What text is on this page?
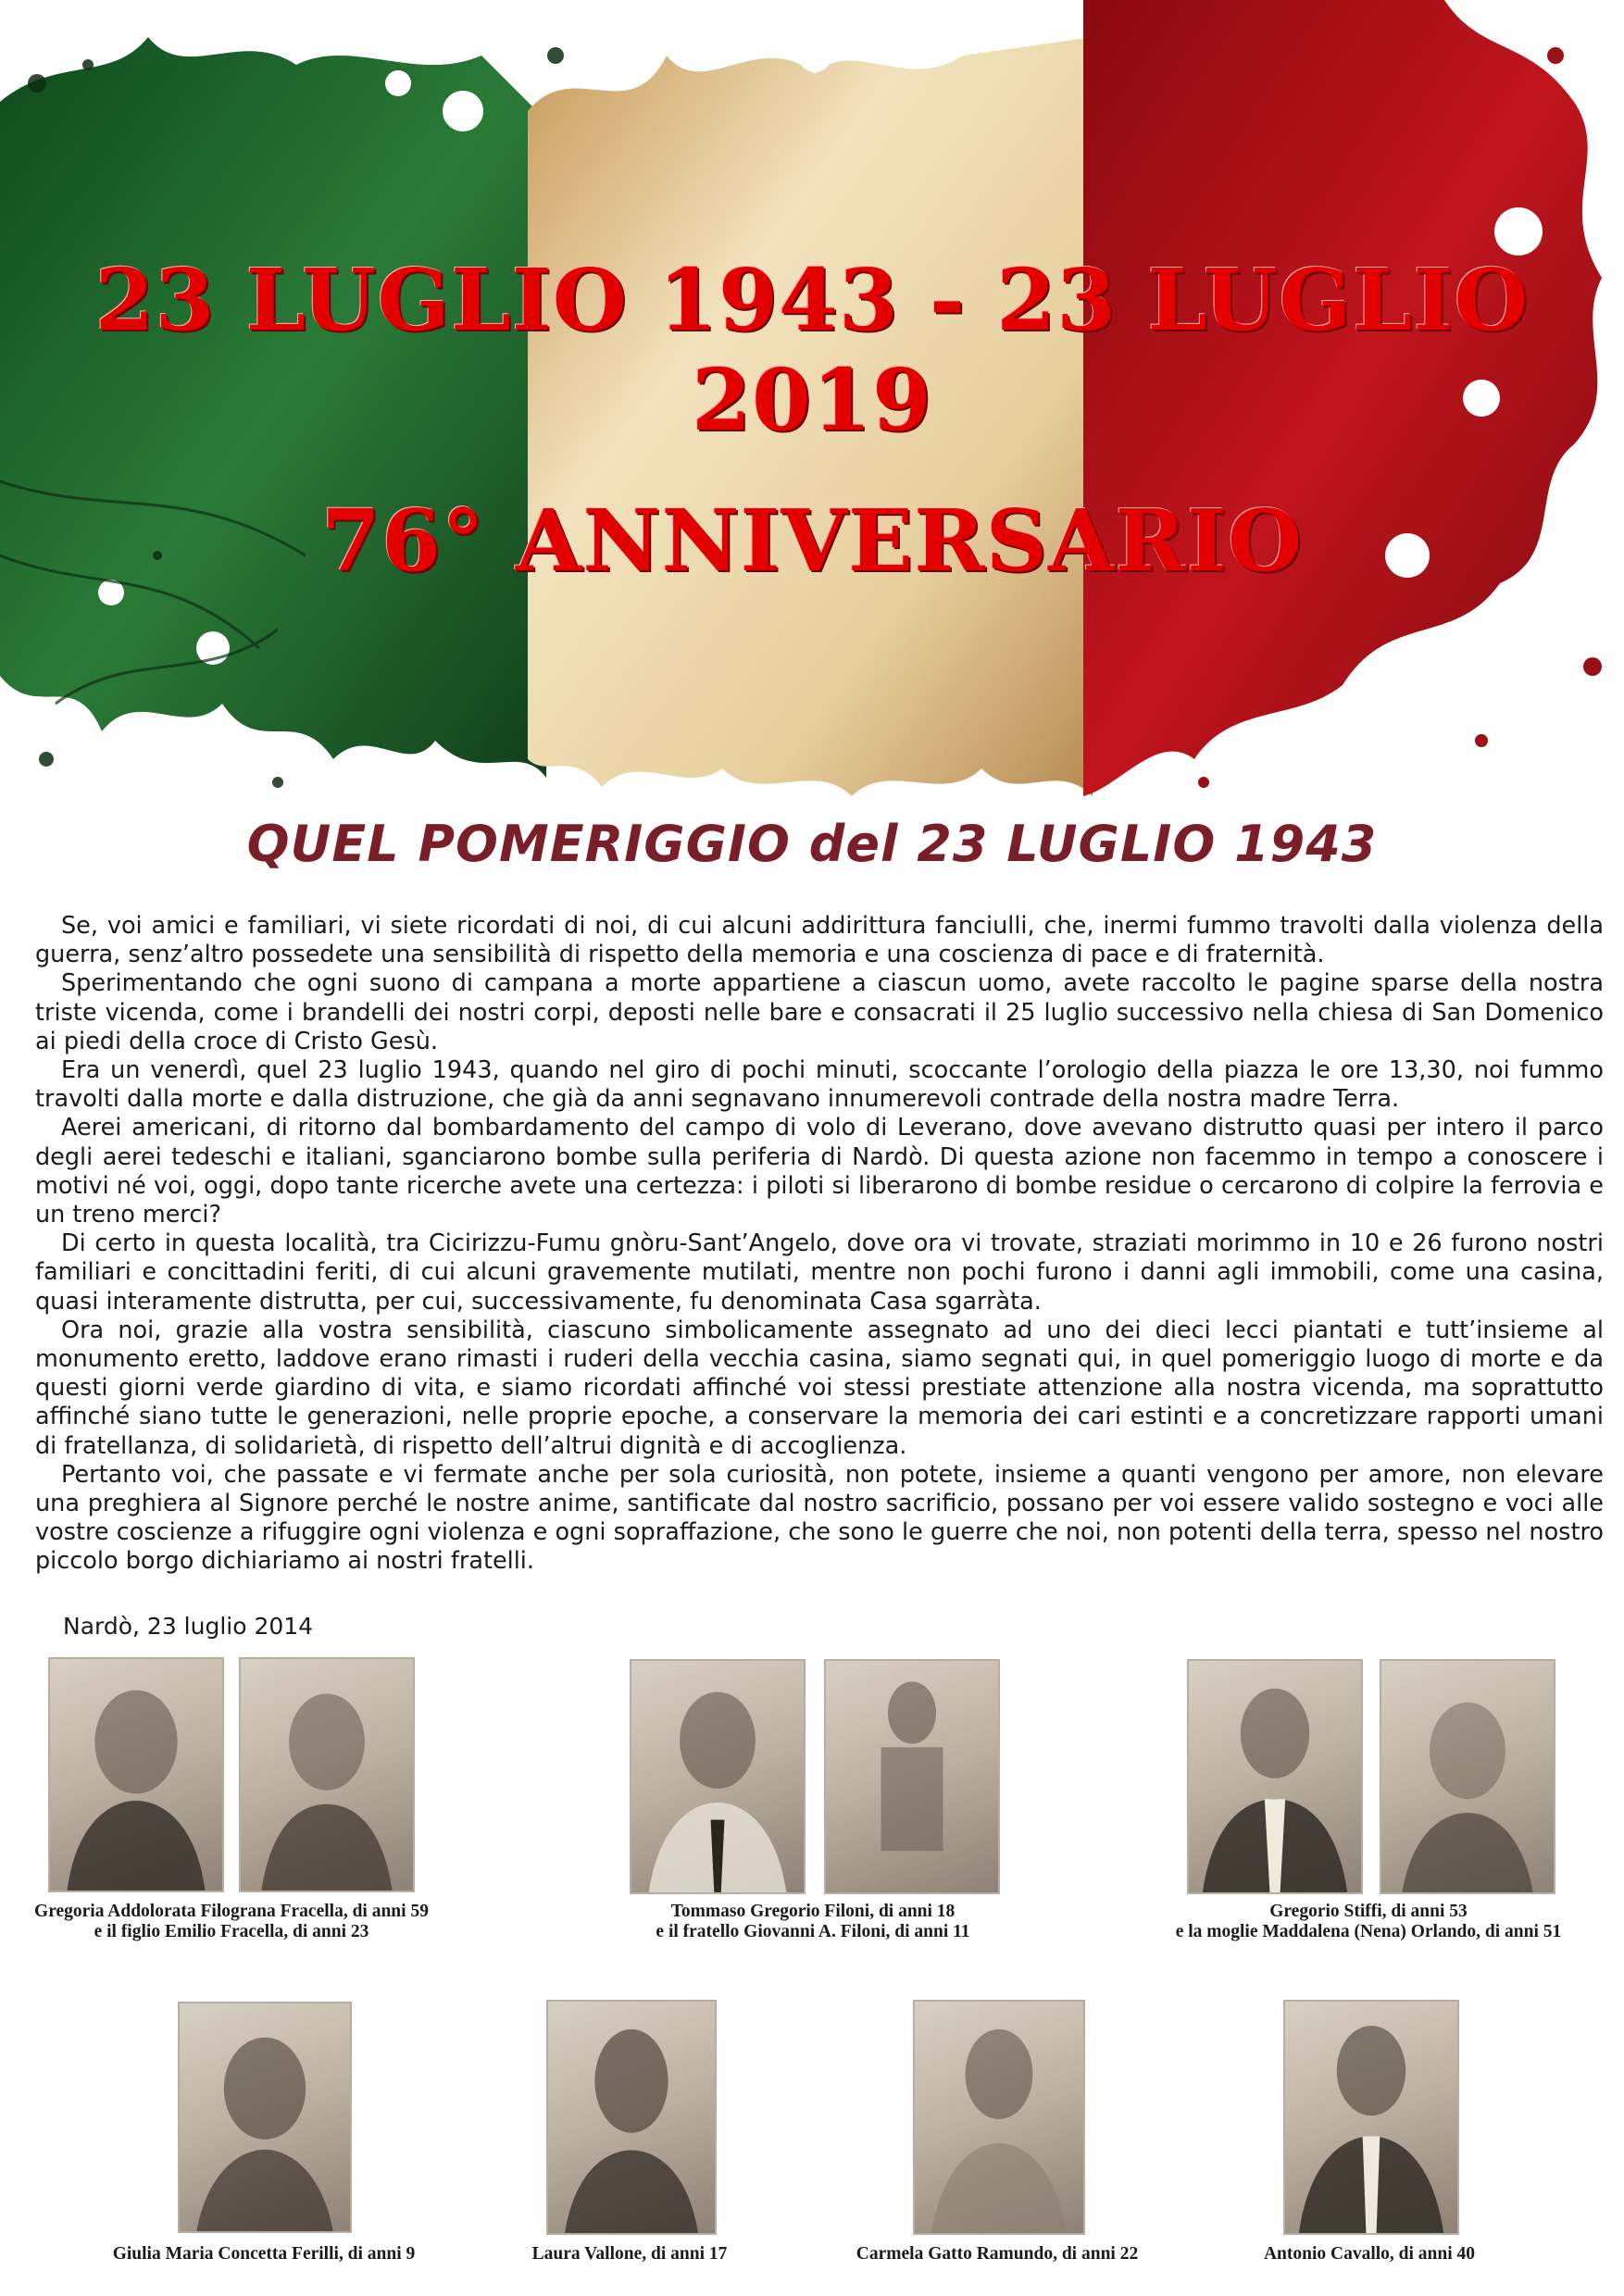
23 LUGLIO 1943 - 23 LUGLIO 2019
76° ANNIVERSARIO
QUEL POMERIGGIO del 23 LUGLIO 1943

Se, voi amici e familiari, vi siete ricordati di noi, di cui alcuni addirittura fanciulli, che, inermi fummo travolti dalla violenza della guerra, senz’altro possedete una sensibilità di rispetto della memoria e una coscienza di pace e di fraternità.

Sperimentando che ogni suono di campana a morte appartiene a ciascun uomo, avete raccolto le pagine sparse della nostra triste vicenda, come i brandelli dei nostri corpi, deposti nelle bare e consacrati il 25 luglio successivo nella chiesa di San Domenico ai piedi della croce di Cristo Gesù.

Era un venerdì, quel 23 luglio 1943, quando nel giro di pochi minuti, scoccante l’orologio della piazza le ore 13,30, noi fummo travolti dalla morte e dalla distruzione, che già da anni segnavano innumerevoli contrade della nostra madre Terra.

Aerei americani, di ritorno dal bombardamento del campo di volo di Leverano, dove avevano distrutto quasi per intero il parco degli aerei tedeschi e italiani, sganciarono bombe sulla periferia di Nardò. Di questa azione non facemmo in tempo a conoscere i motivi né voi, oggi, dopo tante ricerche avete una certezza: i piloti si liberarono di bombe residue o cercarono di colpire la ferrovia e un treno merci?

Di certo in questa località, tra Cicirizzu-Fumu gnòru-Sant’Angelo, dove ora vi trovate, straziati morimmo in 10 e 26 furono nostri familiari e concittadini feriti, di cui alcuni gravemente mutilati, mentre non pochi furono i danni agli immobili, come una casina, quasi interamente distrutta, per cui, successivamente, fu denominata Casa sgarràta.

Ora noi, grazie alla vostra sensibilità, ciascuno simbolicamente assegnato ad uno dei dieci lecci piantati e tutt’insieme al monumento eretto, laddove erano rimasti i ruderi della vecchia casina, siamo segnati qui, in quel pomeriggio luogo di morte e da questi giorni verde giardino di vita, e siamo ricordati affinché voi stessi prestiate attenzione alla nostra vicenda, ma soprattutto affinché siano tutte le generazioni, nelle proprie epoche, a conservare la memoria dei cari estinti e a concretizzare rapporti umani di fratellanza, di solidarietà, di rispetto dell’altrui dignità e di accoglienza.

Pertanto voi, che passate e vi fermate anche per sola curiosità, non potete, insieme a quanti vengono per amore, non elevare una preghiera al Signore perché le nostre anime, santificate dal nostro sacrificio, possano per voi essere valido sostegno e voci alle vostre coscienze a rifuggire ogni violenza e ogni sopraffazione, che sono le guerre che noi, non potenti della terra, spesso nel nostro piccolo borgo dichiariamo ai nostri fratelli.

Nardò, 23 luglio 2014
Gregoria Addolorata Filograna Fracella, di anni 59
e il figlio Emilio Fracella, di anni 23
Tommaso Gregorio Filoni, di anni 18
e il fratello Giovanni A. Filoni, di anni 11
Gregorio Stiffi, di anni 53
e la moglie Maddalena (Nena) Orlando, di anni 51
Giulia Maria Concetta Ferilli, di anni 9	Laura Vallone, di anni 17	Carmela Gatto Ramundo, di anni 22	Antonio Cavallo, di anni 40
